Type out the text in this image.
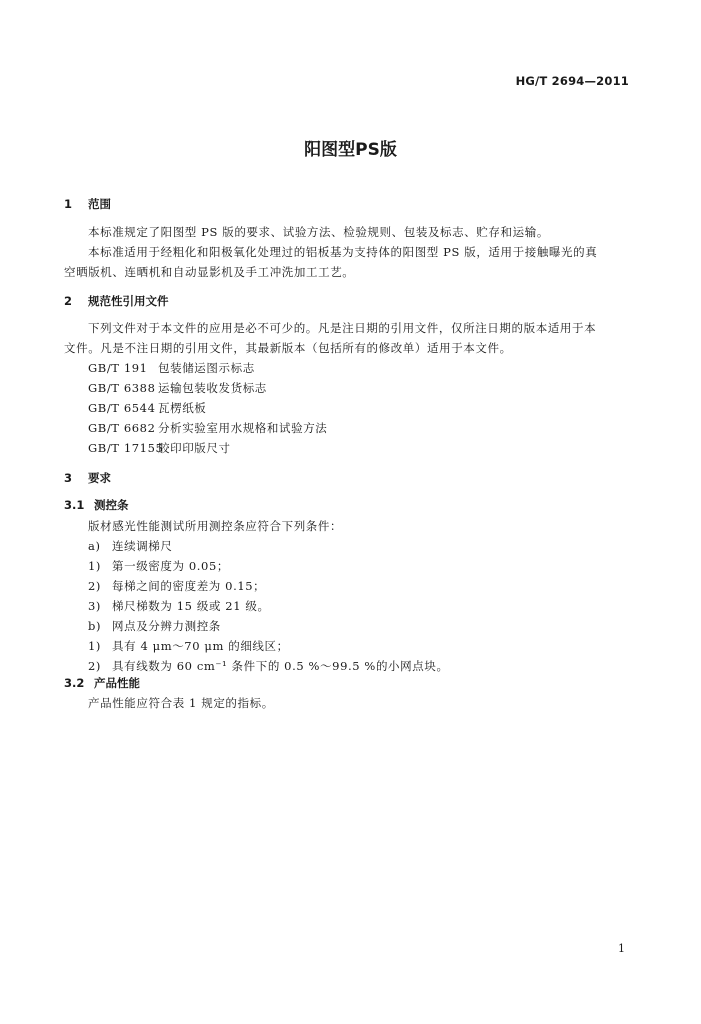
HG/T 2694—2011
阳图型PS版
1 范围
本标准规定了阳图型 PS 版的要求、试验方法、检验规则、包装及标志、贮存和运输。
本标准适用于经粗化和阳极氧化处理过的铝板基为支持体的阳图型 PS 版，适用于接触曝光的真
空晒版机、连晒机和自动显影机及手工冲洗加工工艺。
2 规范性引用文件
下列文件对于本文件的应用是必不可少的。凡是注日期的引用文件，仅所注日期的版本适用于本
文件。凡是不注日期的引用文件，其最新版本（包括所有的修改单）适用于本文件。
GB/T 191 包装储运图示标志
GB/T 6388 运输包装收发货标志
GB/T 6544 瓦楞纸板
GB/T 6682 分析实验室用水规格和试验方法
GB/T 17155胶印印版尺寸
3 要求
3.1 测控条
版材感光性能测试所用测控条应符合下列条件：
a) 连续调梯尺
1) 第一级密度为 0.05；
2) 每梯之间的密度差为 0.15；
3) 梯尺梯数为 15 级或 21 级。
b) 网点及分辨力测控条
1) 具有 4 μm～70 μm 的细线区；
2) 具有线数为 60 cm⁻¹ 条件下的 0.5 %～99.5 %的小网点块。
3.2 产品性能
产品性能应符合表 1 规定的指标。
1
